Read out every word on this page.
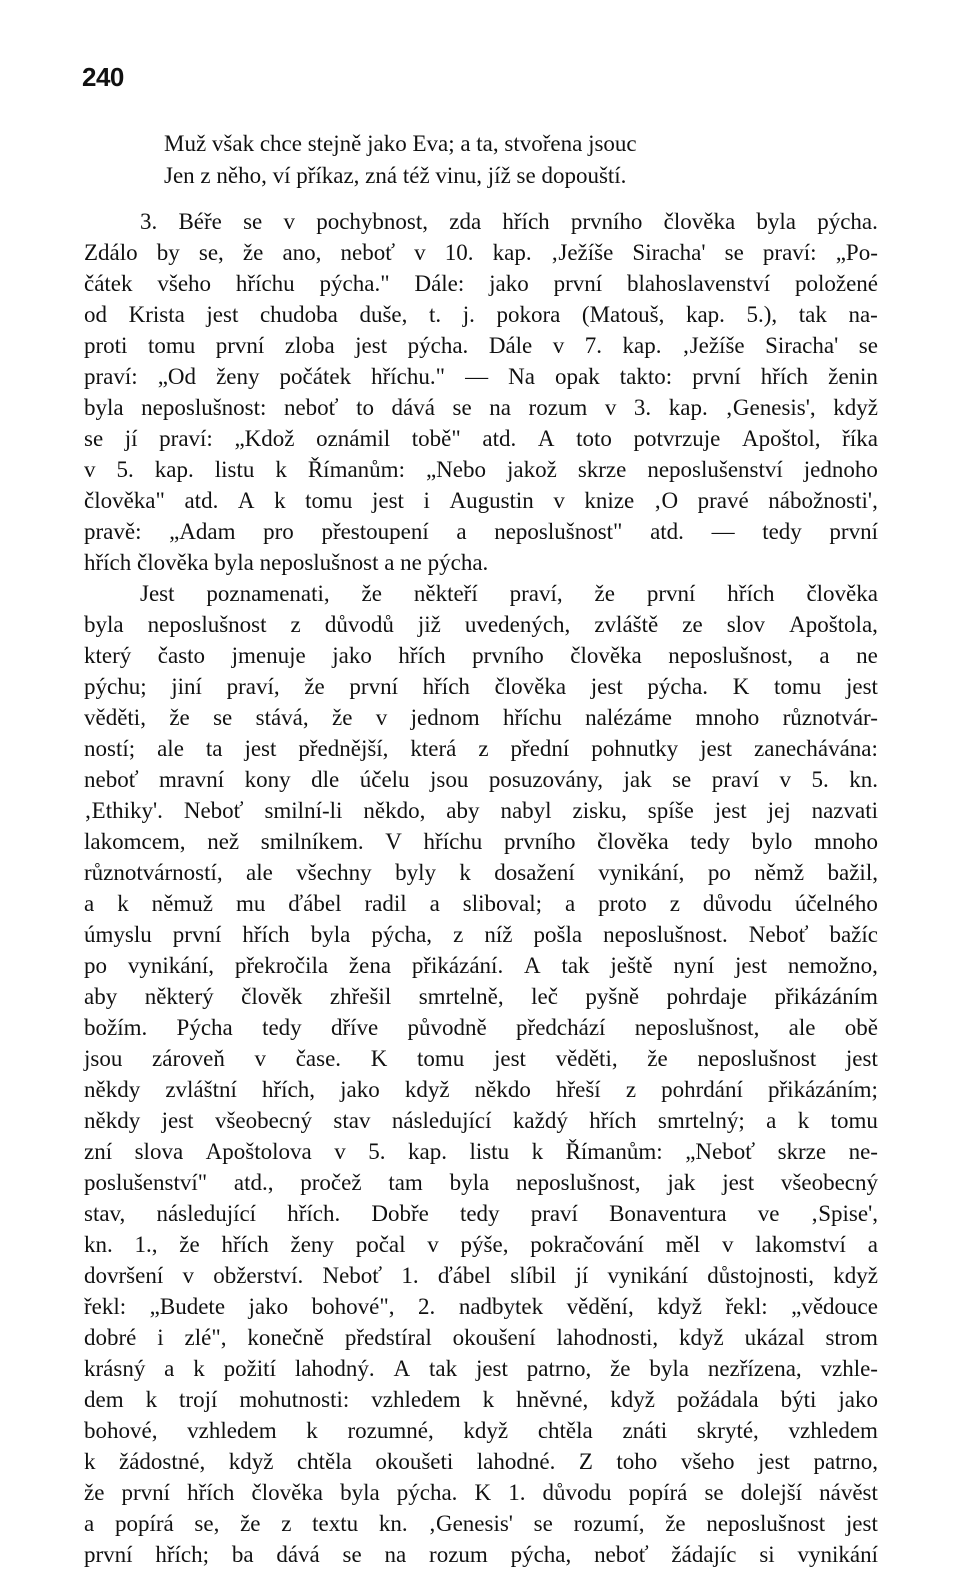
240
Muž však chce stejně jako Eva; a ta, stvořena jsouc
Jen z něho, ví příkaz, zná též vinu, jíž se dopouští.
3. Béře se v pochybnost, zda hřích prvního člověka byla pýcha.
Zdálo by se, že ano, neboť v 10. kap. ‚Ježíše Siracha' se praví: „Po-
čátek všeho hříchu pýcha." Dále: jako první blahoslavenství položené
od Krista jest chudoba duše, t. j. pokora (Matouš, kap. 5.), tak na-
proti tomu první zloba jest pýcha. Dále v 7. kap. ‚Ježíše Siracha' se
praví: „Od ženy počátek hříchu." — Na opak takto: první hřích ženin
byla neposlušnost: neboť to dává se na rozum v 3. kap. ‚Genesis', když
se jí praví: „Kdož oznámil tobě" atd. A toto potvrzuje Apoštol, říka
v 5. kap. listu k Římanům: „Nebo jakož skrze neposlušenství jednoho
člověka" atd. A k tomu jest i Augustin v knize ‚O pravé nábožnosti',
pravě: „Adam pro přestoupení a neposlušnost" atd. — tedy první
hřích člověka byla neposlušnost a ne pýcha.
Jest poznamenati, že někteří praví, že první hřích člověka
byla neposlušnost z důvodů již uvedených, zvláště ze slov Apoštola,
který často jmenuje jako hřích prvního člověka neposlušnost, a ne
pýchu; jiní praví, že první hřích člověka jest pýcha. K tomu jest
věděti, že se stává, že v jednom hříchu nalézáme mnoho různotvár-
ností; ale ta jest přednější, která z přední pohnutky jest zanechávána:
neboť mravní kony dle účelu jsou posuzovány, jak se praví v 5. kn.
‚Ethiky'. Neboť smilní-li někdo, aby nabyl zisku, spíše jest jej nazvati
lakomcem, než smilníkem. V hříchu prvního člověka tedy bylo mnoho
různotvárností, ale všechny byly k dosažení vynikání, po němž bažil,
a k němuž mu ďábel radil a sliboval; a proto z důvodu účelného
úmyslu první hřích byla pýcha, z níž pošla neposlušnost. Neboť bažíc
po vynikání, překročila žena přikázání. A tak ještě nyní jest nemožno,
aby některý člověk zhřešil smrtelně, leč pyšně pohrdaje přikázáním
božím. Pýcha tedy dříve původně předchází neposlušnost, ale obě
jsou zároveň v čase. K tomu jest věděti, že neposlušnost jest
někdy zvláštní hřích, jako když někdo hřeší z pohrdání přikázáním;
někdy jest všeobecný stav následující každý hřích smrtelný; a k tomu
zní slova Apoštolova v 5. kap. listu k Římanům: „Neboť skrze ne-
poslušenství" atd., pročež tam byla neposlušnost, jak jest všeobecný
stav, následující hřích. Dobře tedy praví Bonaventura ve ‚Spise',
kn. 1., že hřích ženy počal v pýše, pokračování měl v lakomství a
dovršení v obžerství. Neboť 1. ďábel slíbil jí vynikání důstojnosti, když
řekl: „Budete jako bohové", 2. nadbytek vědění, když řekl: „vědouce
dobré i zlé", konečně předstíral okoušení lahodnosti, když ukázal strom
krásný a k požití lahodný. A tak jest patrno, že byla nezřízena, vzhle-
dem k trojí mohutnosti: vzhledem k hněvné, když požádala býti jako
bohové, vzhledem k rozumné, když chtěla znáti skryté, vzhledem
k žádostné, když chtěla okoušeti lahodné. Z toho všeho jest patrno,
že první hřích člověka byla pýcha. K 1. důvodu popírá se dolejší návěst
a popírá se, že z textu kn. ‚Genesis' se rozumí, že neposlušnost jest
první hřích; ba dává se na rozum pýcha, neboť žádajíc si vynikání
